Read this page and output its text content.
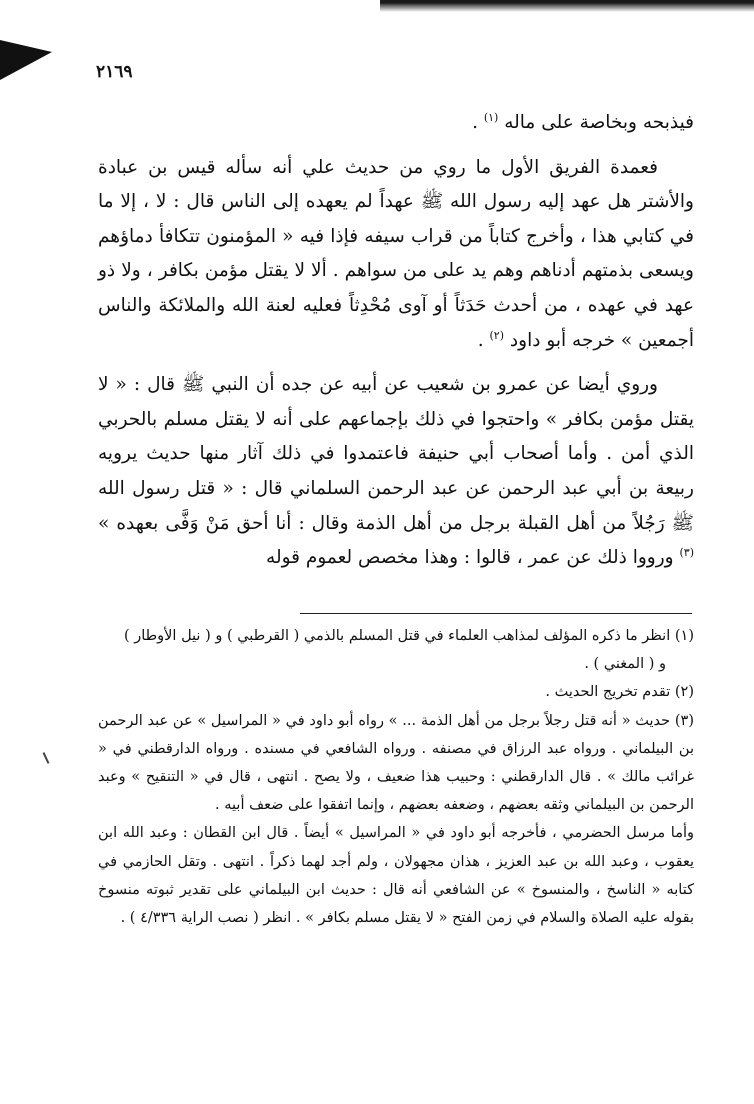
٢١٦٩

فيذبحه وبخاصة على ماله $^{(١)}$ .

فعمدة الفريق الأول ما روي من حديث علي أنه سأله قيس بن عبادة والأشتر هل عهد إليه رسول الله ﷺ عهداً لم يعهده إلى الناس قال : لا ، إلا ما في كتابي هذا ، وأخرج كتاباً من قراب سيفه فإذا فيه « المؤمنون تتكافأ دماؤهم ويسعى بذمتهم أدناهم وهم يد على من سواهم . ألا لا يقتل مؤمن بكافر ، ولا ذو عهد في عهده ، من أحدث حَدَثاً أو آوى مُحْدِثاً فعليه لعنة الله والملائكة والناس أجمعين » خرجه أبو داود $^{(٢)}$ .

وروي أيضا عن عمرو بن شعيب عن أبيه عن جده أن النبي ﷺ قال : « لا يقتل مؤمن بكافر » واحتجوا في ذلك بإجماعهم على أنه لا يقتل مسلم بالحربي الذي أمن . وأما أصحاب أبي حنيفة فاعتمدوا في ذلك آثار منها حديث يرويه ربيعة بن أبي عبد الرحمن عن عبد الرحمن السلماني قال : « قتل رسول الله ﷺ رَجُلاً من أهل القبلة برجل من أهل الذمة وقال : أنا أحق مَنْ وَفَّى بعهده » $^{(٣)}$ ورووا ذلك عن عمر ، قالوا : وهذا مخصص لعموم قوله

(١) انظر ما ذكره المؤلف لمذاهب العلماء في قتل المسلم بالذمي ( القرطبي ) و ( نيل الأوطار )

و ( المغني ) .

(٢) تقدم تخريج الحديث .

(٣) حديث « أنه قتل رجلاً برجل من أهل الذمة ... » رواه أبو داود في « المراسيل » عن عبد الرحمن بن البيلماني . ورواه عبد الرزاق في مصنفه . ورواه الشافعي في مسنده . ورواه الدارقطني في « غرائب مالك » . قال الدارقطني : وحبيب هذا ضعيف ، ولا يصح . انتهى ، قال في « التنقيح » وعبد الرحمن بن البيلماني وثقه بعضهم ، وضعفه بعضهم ، وإنما اتفقوا على ضعف أبيه .

وأما مرسل الحضرمي ، فأخرجه أبو داود في « المراسيل » أيضاً . قال ابن القطان : وعبد الله ابن يعقوب ، وعبد الله بن عبد العزيز ، هذان مجهولان ، ولم أجد لهما ذكراً . انتهى . وتقل الحازمي في كتابه « الناسخ ، والمنسوخ » عن الشافعي أنه قال : حديث ابن البيلماني على تقدير ثبوته منسوخ بقوله عليه الصلاة والسلام في زمن الفتح « لا يقتل مسلم بكافر » . انظر ( نصب الراية ٤/٣٣٦ ) .
